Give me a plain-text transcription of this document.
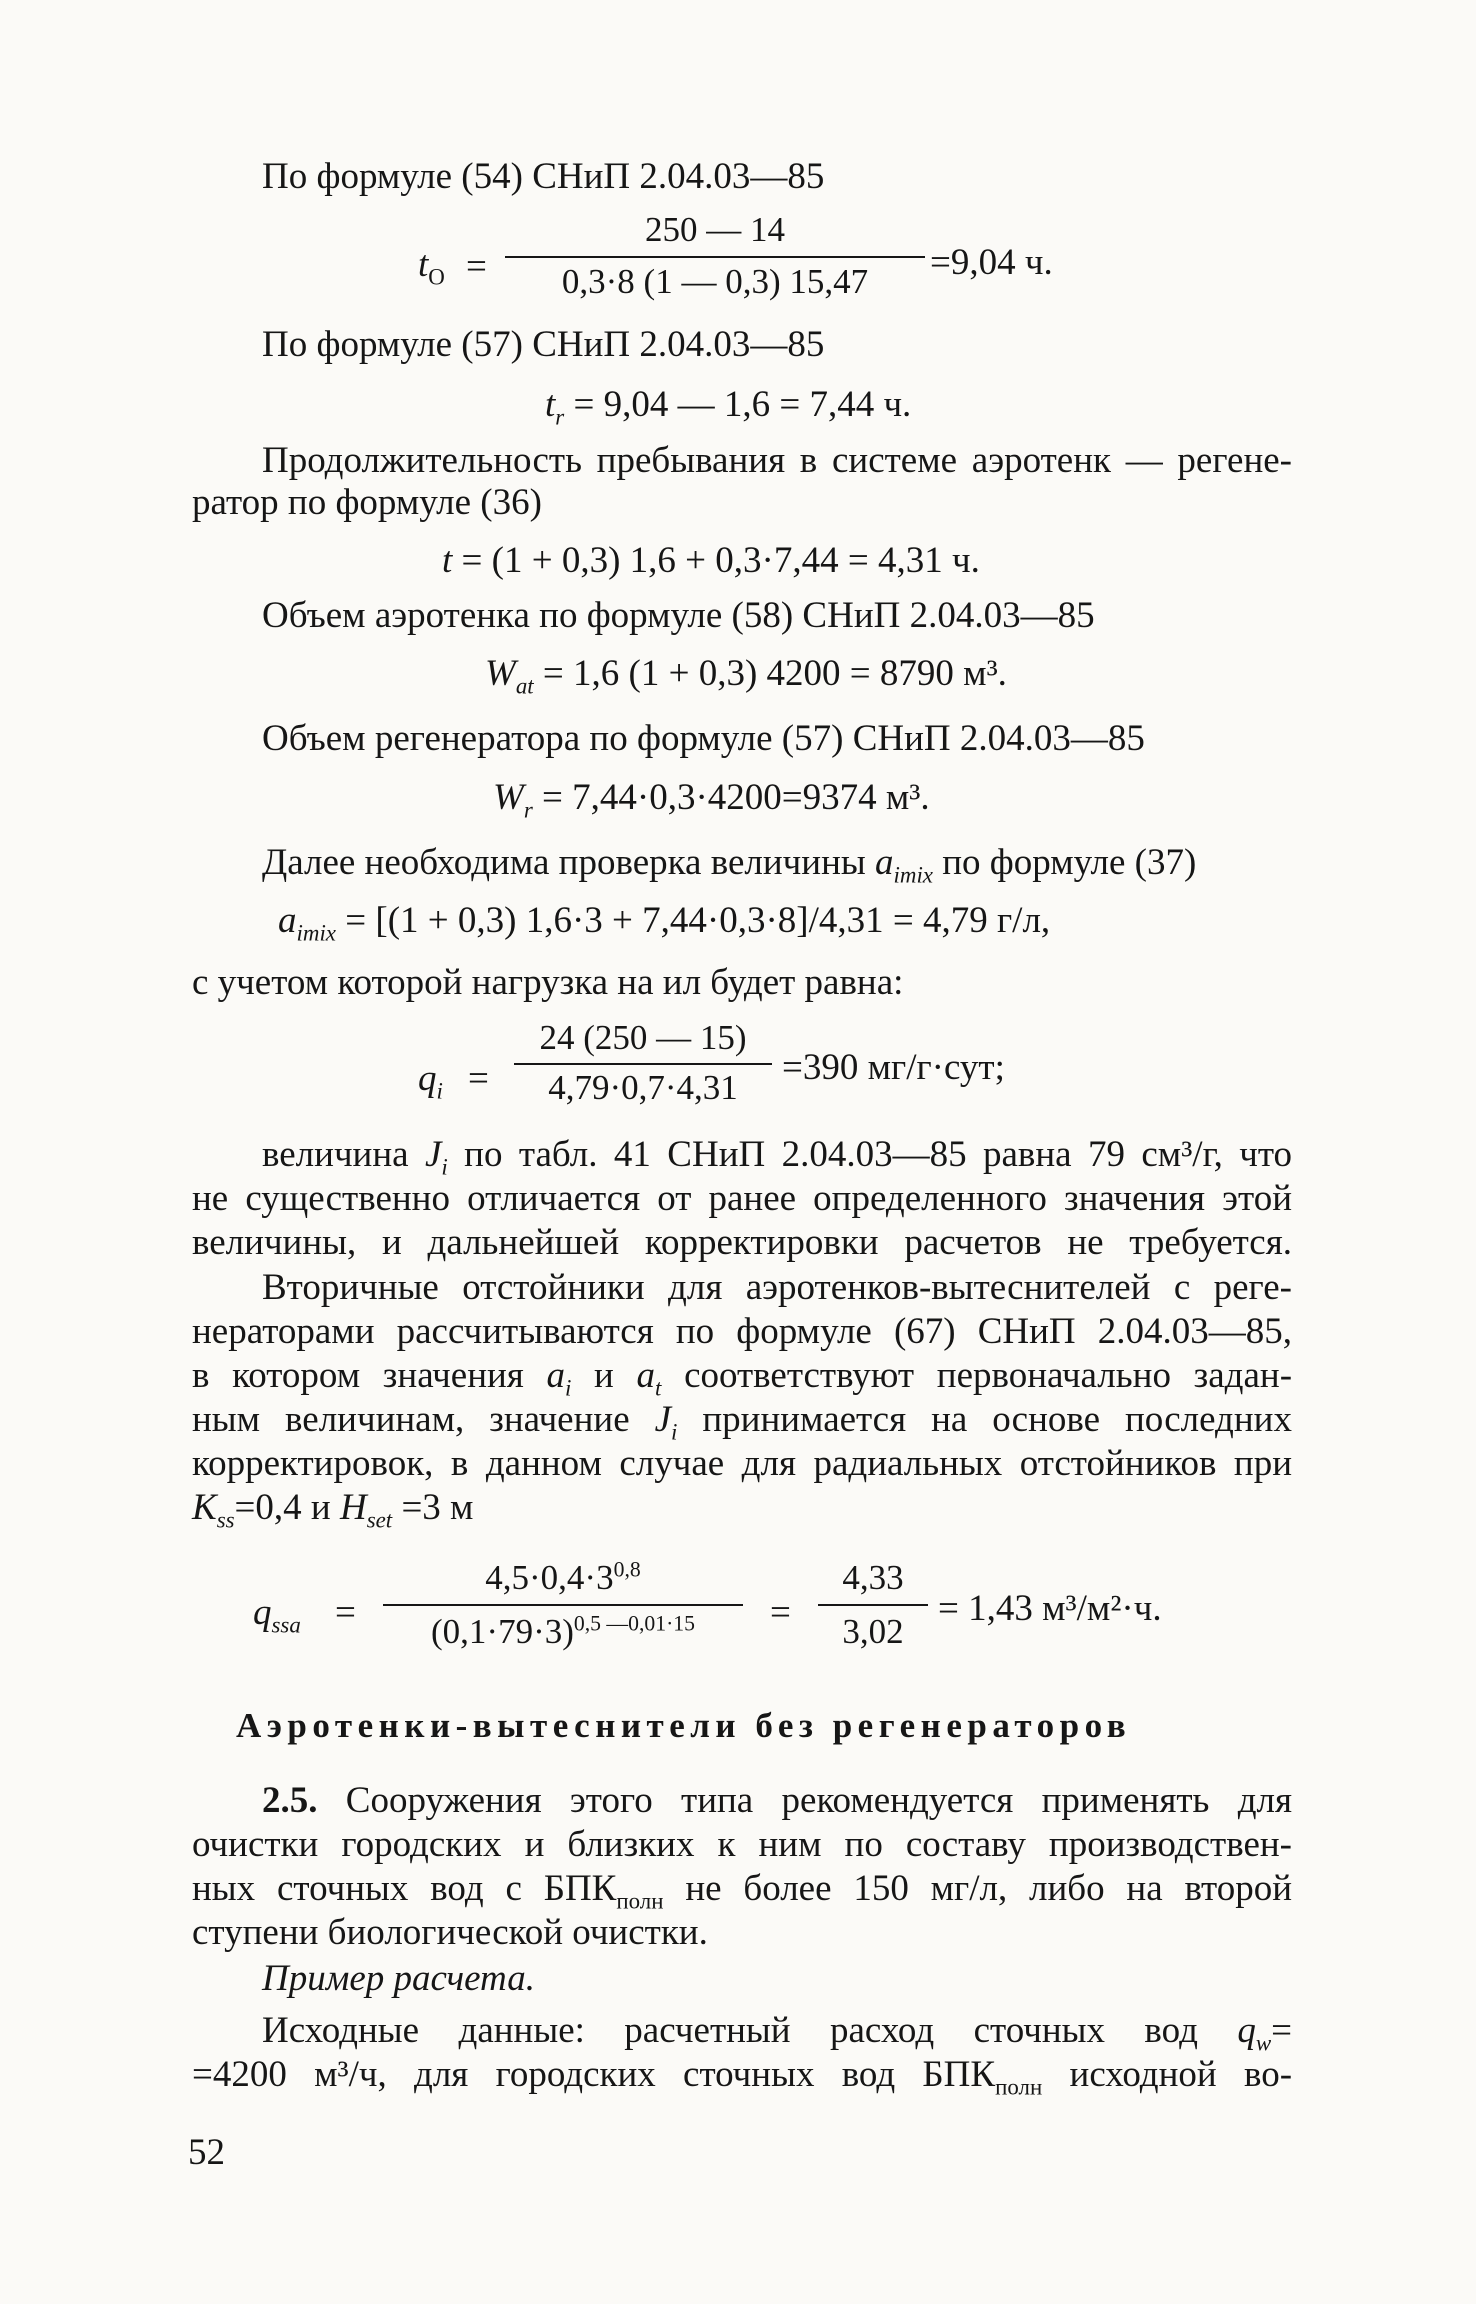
По формуле (54) СНиП 2.04.03—85
$t_O$ =
250 — 14
0,3·8 (1 — 0,3) 15,47	=9,04 ч.
По формуле (57) СНиП 2.04.03—85
$t_r = 9,04$ — 1,6 = 7,44 ч.
Продолжительность пребывания в системе аэротенк — регене-
ратор по формуле (36)
t = (1 + 0,3) 1,6 + 0,3·7,44 = 4,31 ч.
Объем аэротенка по формуле (58) СНиП 2.04.03—85
$W_{at} = 1,6$ (1 + 0,3) 4200 = 8790 м³.
Объем регенератора по формуле (57) СНиП 2.04.03—85
$W_r = 7,44\cdot 0,3\cdot 4200=9374$ м³.
Далее необходима проверка величины $a_{imix}$ по формуле (37)
$a_{imix} = [(1 + 0,3) 1,6\cdot 3 + 7,44\cdot 0,3\cdot 8]/4,31 = 4,79$ г/л,
с учетом которой нагрузка на ил будет равна:
$q_i$ =
24 (250 — 15)
4,79·0,7·4,31	=390 мг/г·сут;
величина $J_i$ по табл. 41 СНиП 2.04.03—85 равна 79 см³/г, что
не существенно отличается от ранее определенного значения этой
величины, и дальнейшей корректировки расчетов не требуется.
Вторичные отстойники для аэротенков-вытеснителей с реге-
нераторами рассчитываются по формуле (67) СНиП 2.04.03—85,
в котором значения $a_i$ и $a_t$ соответствуют первоначально задан-
ным величинам, значение $J_i$ принимается на основе последних
корректировок, в данном случае для радиальных отстойников при
$K_{ss}=0,4$ и $H_{set} =3$ м
$q_{ssa}$ =
$4,5\cdot 0,4\cdot 3^{0,8}$
$(0,1\cdot 79\cdot 3)^{0,5 —0,01\cdot 15}$	=
4,33
3,02
= 1,43 м³/м²·ч.
Аэротенки-вытеснители без регенераторов
2.5. Сооружения этого типа рекомендуется применять для
очистки городских и близких к ним по составу производствен-
ных сточных вод с $БПК_{полн}$ не более 150 мг/л, либо на второй
ступени биологической очистки.
Пример расчета.
Исходные данные: расчетный расход сточных вод $q_w=$
=4200 м³/ч, для городских сточных вод $БПК_{полн}$ исходной во-
52
